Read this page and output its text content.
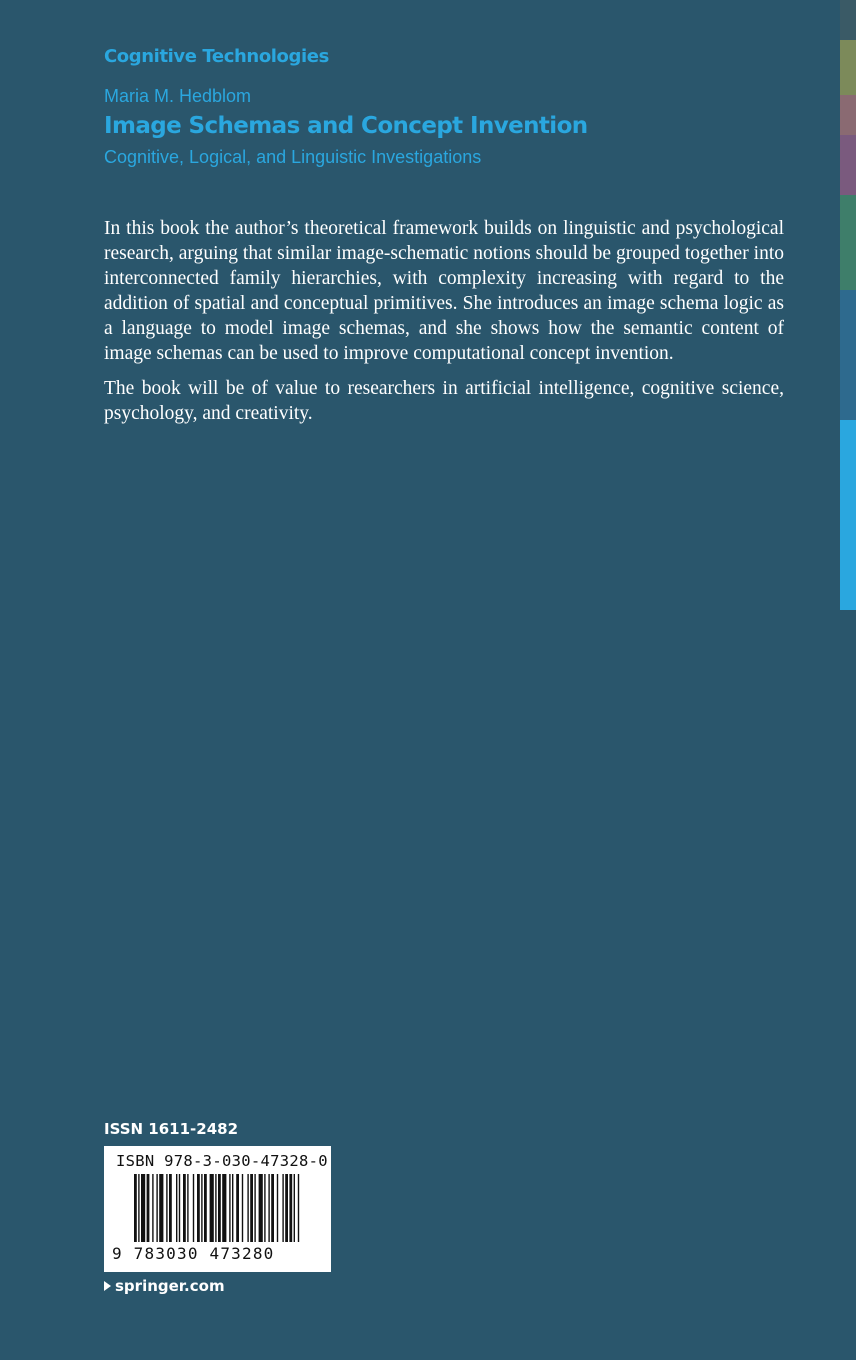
Cognitive Technologies
Maria M. Hedblom
Image Schemas and Concept Invention
Cognitive, Logical, and Linguistic Investigations

In this book the author’s theoretical framework builds on linguistic and psychological research, arguing that similar image-schematic notions should be grouped together into interconnected family hierarchies, with complexity increasing with regard to the addition of spatial and conceptual primitives. She introduces an image schema logic as a language to model image schemas, and she shows how the semantic content of image schemas can be used to improve computational concept invention.

The book will be of value to researchers in artificial intelligence, cognitive science, psychology, and creativity.

ISSN 1611-2482
ISBN 978-3-030-47328-0
9 783030 473280
springer.com
